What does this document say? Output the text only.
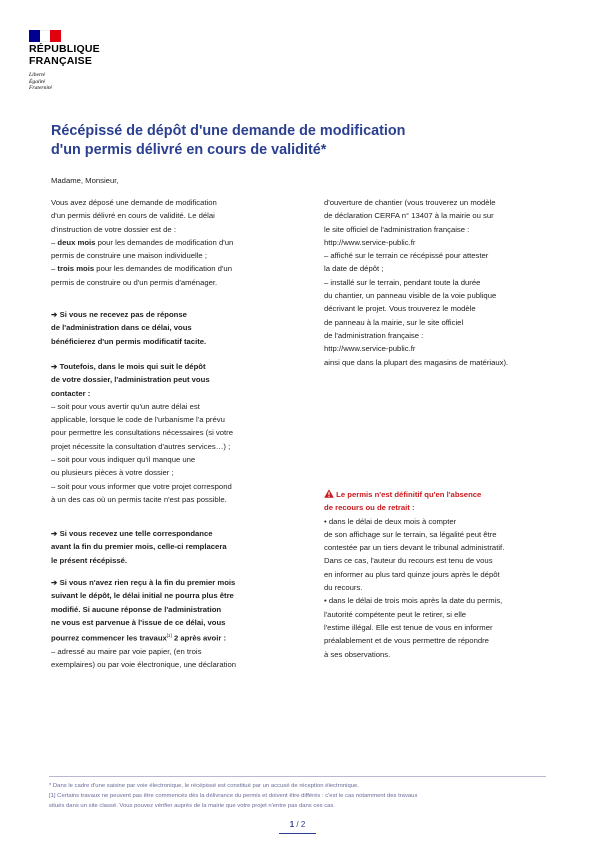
RÉPUBLIQUE
FRANÇAISE
Liberté
Égalité
Fraternité
Récépissé de dépôt d'une demande de modification
d'un permis délivré en cours de validité*
Madame, Monsieur,
Vous avez déposé une demande de modification
d'un permis délivré en cours de validité. Le délai
d'instruction de votre dossier est de :
– deux mois pour les demandes de modification d'un
permis de construire une maison individuelle ;
– trois mois pour les demandes de modification d'un
permis de construire ou d'un permis d'aménager.
➔ Si vous ne recevez pas de réponse
de l'administration dans ce délai, vous
bénéficierez d'un permis modificatif tacite.
➔ Toutefois, dans le mois qui suit le dépôt
de votre dossier, l'administration peut vous
contacter :
– soit pour vous avertir qu'un autre délai est
applicable, lorsque le code de l'urbanisme l'a prévu
pour permettre les consultations nécessaires (si votre
projet nécessite la consultation d'autres services…) ;
– soit pour vous indiquer qu'il manque une
ou plusieurs pièces à votre dossier ;
– soit pour vous informer que votre projet correspond
à un des cas où un permis tacite n'est pas possible.
➔ Si vous recevez une telle correspondance
avant la fin du premier mois, celle-ci remplacera
le présent récépissé.
➔ Si vous n'avez rien reçu à la fin du premier mois
suivant le dépôt, le délai initial ne pourra plus être
modifié. Si aucune réponse de l'administration
ne vous est parvenue à l'issue de ce délai, vous
pourrez commencer les travaux[1] 2 après avoir :
– adressé au maire par voie papier, (en trois
exemplaires) ou par voie électronique, une déclaration
d'ouverture de chantier (vous trouverez un modèle
de déclaration CERFA n° 13407 à la mairie ou sur
le site officiel de l'administration française :
http://www.service-public.fr
– affiché sur le terrain ce récépissé pour attester
la date de dépôt ;
– installé sur le terrain, pendant toute la durée
du chantier, un panneau visible de la voie publique
décrivant le projet. Vous trouverez le modèle
de panneau à la mairie, sur le site officiel
de l'administration française :
http://www.service-public.fr
ainsi que dans la plupart des magasins de matériaux).
Le permis n'est définitif qu'en l'absence
de recours ou de retrait :
• dans le délai de deux mois à compter
de son affichage sur le terrain, sa légalité peut être
contestée par un tiers devant le tribunal administratif.
Dans ce cas, l'auteur du recours est tenu de vous
en informer au plus tard quinze jours après le dépôt
du recours.
• dans le délai de trois mois après la date du permis,
l'autorité compétente peut le retirer, si elle
l'estime illégal. Elle est tenue de vous en informer
préalablement et de vous permettre de répondre
à ses observations.
* Dans le cadre d'une saisine par voie électronique, le récépissé est constitué par un accusé de réception électronique.
[1] Certains travaux ne peuvent pas être commencés dès la délivrance du permis et doivent être différés : c'est le cas notamment des travaux
situés dans un site classé. Vous pouvez vérifier auprès de la mairie que votre projet n'entre pas dans ces cas.
1 / 2
